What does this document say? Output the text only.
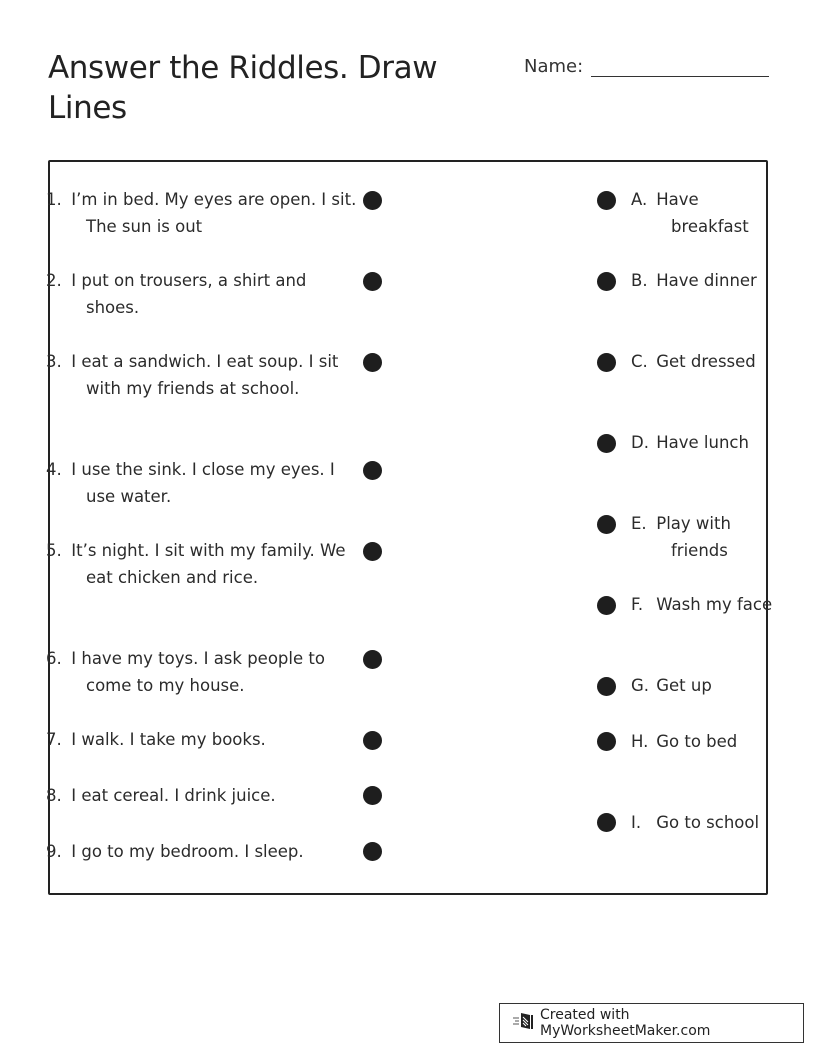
Answer the Riddles. Draw Lines
Name:
1. I’m in bed. My eyes are open. I sit. The sun is out
2. I put on trousers, a shirt and shoes.
3. I eat a sandwich. I eat soup. I sit with my friends at school.
4. I use the sink. I close my eyes. I use water.
5. It’s night. I sit with my family. We eat chicken and rice.
6. I have my toys. I ask people to come to my house.
7. I walk. I take my books.
8. I eat cereal. I drink juice.
9. I go to my bedroom. I sleep.
A. Have breakfast
B. Have dinner
C. Get dressed
D. Have lunch
E. Play with friends
F. Wash my face
G. Get up
H. Go to bed
I. Go to school
Created with MyWorksheetMaker.com
